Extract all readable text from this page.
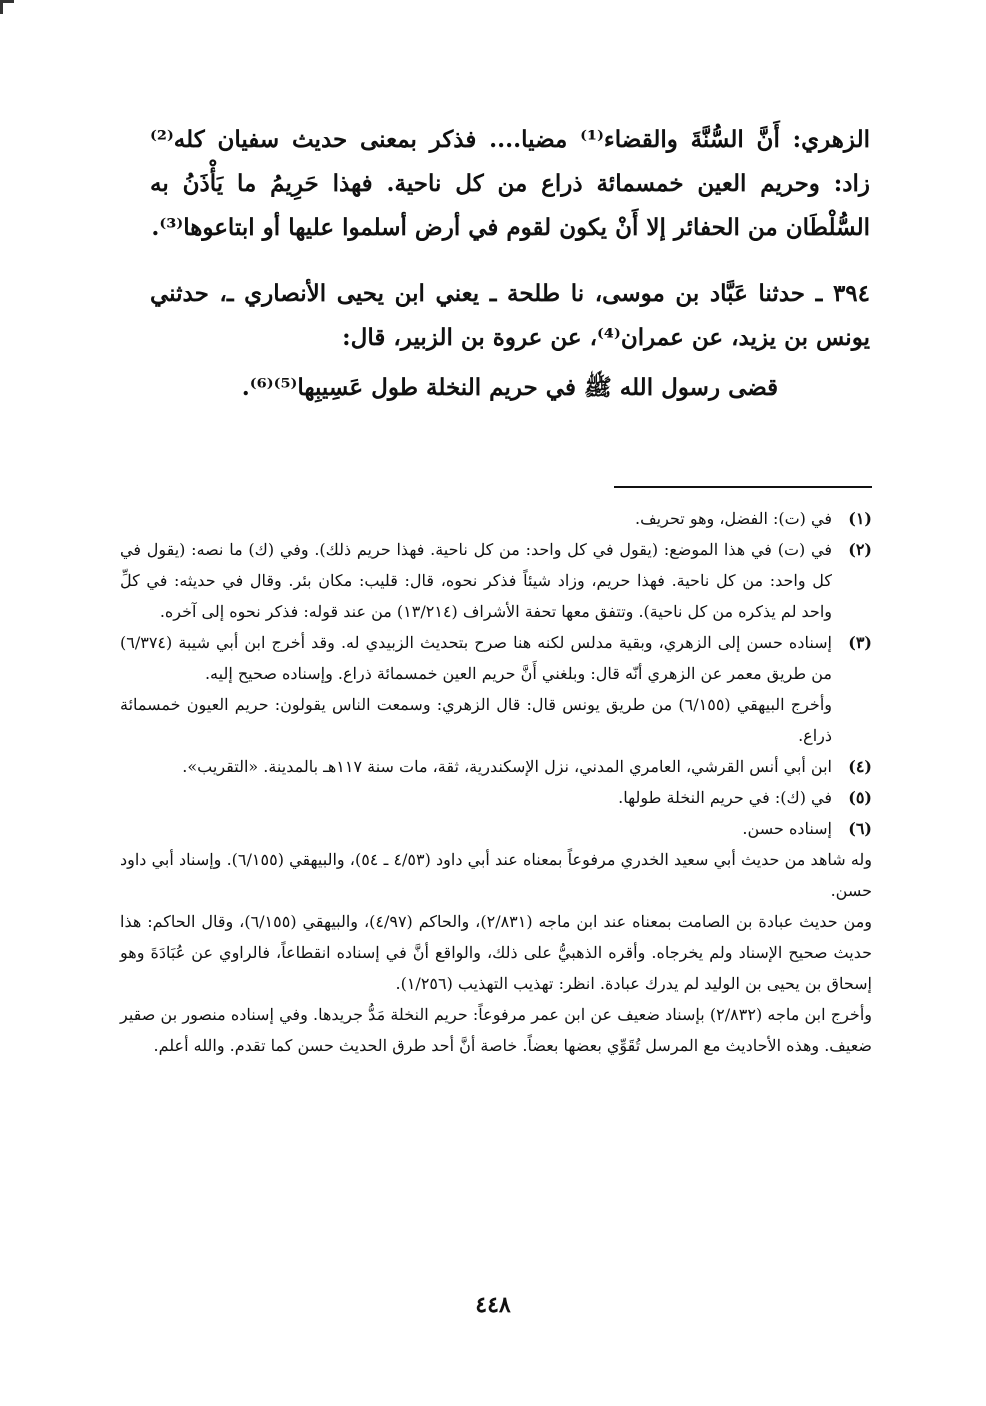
الزهري: أَنَّ السُّنَّةَ والقضاء⁽¹⁾ مضيا.... فذكر بمعنى حديث سفيان كله⁽²⁾ زاد: وحريم العين خمسمائة ذراع من كل ناحية. فهذا حَرِيمُ ما يَأْذَنُ به السُّلْطَان من الحفائر إلا أَنْ يكون لقوم في أرض أسلموا عليها أو ابتاعوها⁽³⁾.

٣٩٤ ـ حدثنا عَبَّاد بن موسى، نا طلحة ـ يعني ابن يحيى الأنصاري ـ، حدثني يونس بن يزيد، عن عمران⁽⁴⁾، عن عروة بن الزبير، قال:

قضى رسول الله ﷺ في حريم النخلة طول عَسِيبِها⁽⁵⁾⁽⁶⁾.

(١)

في (ت): الفضل، وهو تحريف.

(٢)

في (ت) في هذا الموضع: (يقول في كل واحد: من كل ناحية. فهذا حريم ذلك). وفي (ك) ما نصه: (يقول في كل واحد: من كل ناحية. فهذا حريم، وزاد شيئاً فذكر نحوه، قال: قليب: مكان بئر. وقال في حديثه: في كلِّ واحد لم يذكره من كل ناحية). وتتفق معها تحفة الأشراف (١٣/٢١٤) من عند قوله: فذكر نحوه إلى آخره.

(٣)

إسناده حسن إلى الزهري، وبقية مدلس لكنه هنا صرح بتحديث الزبيدي له. وقد أخرج ابن أبي شيبة (٦/٣٧٤) من طريق معمر عن الزهري أنّه قال: وبلغني أَنَّ حريم العين خمسمائة ذراع. وإسناده صحيح إليه.

وأخرج البيهقي (٦/١٥٥) من طريق يونس قال: قال الزهري: وسمعت الناس يقولون: حريم العيون خمسمائة ذراع.

(٤)

ابن أبي أنس القرشي، العامري المدني، نزل الإسكندرية، ثقة، مات سنة ١١٧هـ بالمدينة. «التقريب».

(٥)

في (ك): في حريم النخلة طولها.

(٦)

إسناده حسن.

وله شاهد من حديث أبي سعيد الخدري مرفوعاً بمعناه عند أبي داود (٤/٥٣ ـ ٥٤)، والبيهقي (٦/١٥٥). وإسناد أبي داود حسن.

ومن حديث عبادة بن الصامت بمعناه عند ابن ماجه (٢/٨٣١)، والحاكم (٤/٩٧)، والبيهقي (٦/١٥٥)، وقال الحاكم: هذا حديث صحيح الإسناد ولم يخرجاه. وأقره الذهبيُّ على ذلك، والواقع أنَّ في إسناده انقطاعاً، فالراوي عن عُبَادَةَ وهو إسحاق بن يحيى بن الوليد لم يدرك عبادة. انظر: تهذيب التهذيب (١/٢٥٦).

وأخرج ابن ماجه (٢/٨٣٢) بإسناد ضعيف عن ابن عمر مرفوعاً: حريم النخلة مَدُّ جريدها. وفي إسناده منصور بن صقير ضعيف. وهذه الأحاديث مع المرسل تُقَوِّي بعضها بعضاً. خاصة أنَّ أحد طرق الحديث حسن كما تقدم. والله أعلم.

٤٤٨
